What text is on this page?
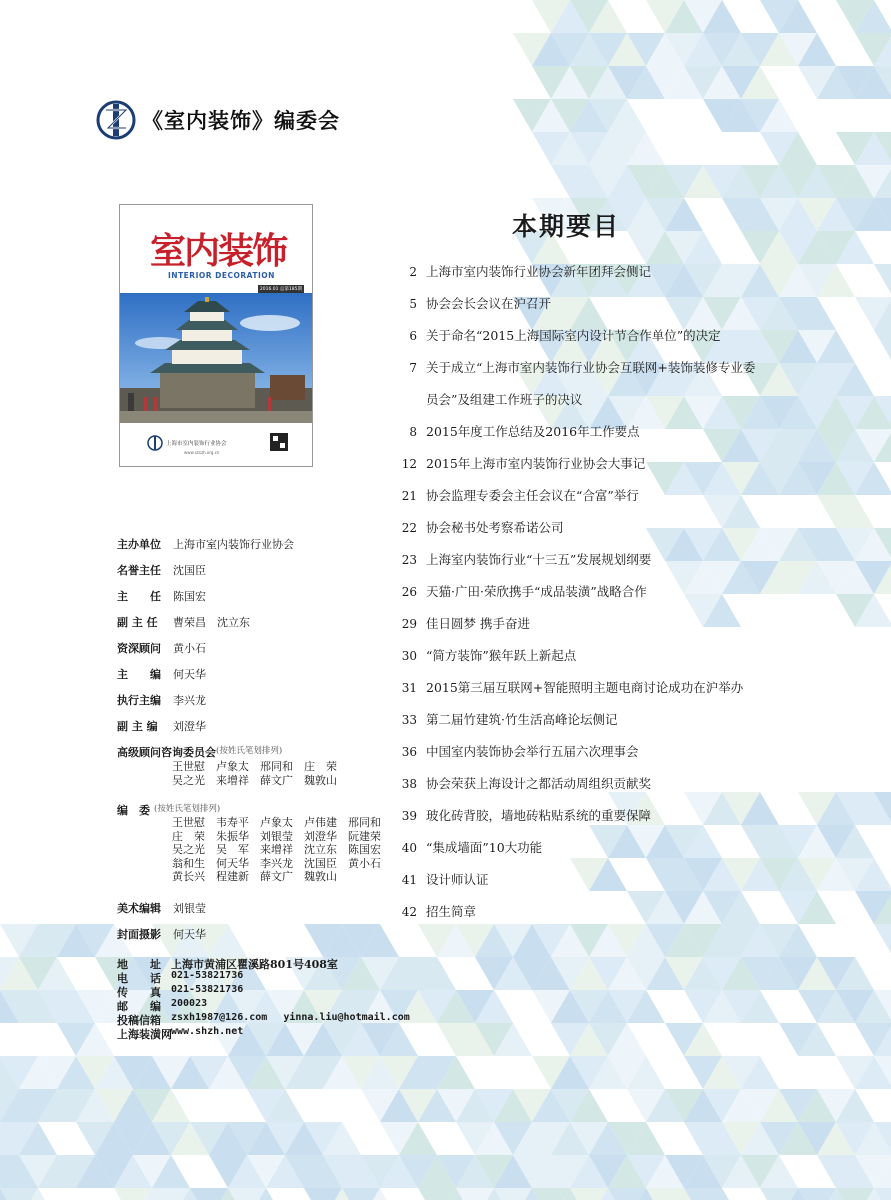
《室内装饰》编委会
室内装饰
INTERIOR DECORATION
2016.01 总第185期
上海市室内装饰行业协会
www.szszh.org.cn
本期要目
2 上海市室内装饰行业协会新年团拜会侧记
5 协会会长会议在沪召开
6 关于命名“2015上海国际室内设计节合作单位”的决定
7 关于成立“上海市室内装饰行业协会互联网+装饰装修专业委
员会”及组建工作班子的决议
8 2015年度工作总结及2016年工作要点
12 2015年上海市室内装饰行业协会大事记
21 协会监理专委会主任会议在“合富”举行
22 协会秘书处考察希诺公司
23 上海室内装饰行业“十三五”发展规划纲要
26 天猫·广田·荣欣携手“成品装潢”战略合作
29 佳日圆梦 携手奋进
30 “简方装饰”猴年跃上新起点
31 2015第三届互联网+智能照明主题电商讨论成功在沪举办
33 第二届竹建筑·竹生活高峰论坛侧记
36 中国室内装饰协会举行五届六次理事会
38 协会荣获上海设计之都活动周组织贡献奖
39 玻化砖背胶，墙地砖粘贴系统的重要保障
40 “集成墙面”10大功能
41 设计师认证
42 招生简章
主办单位	上海市室内装饰行业协会
名誉主任	沈国臣
主　　任	陈国宏
副 主 任	曹荣昌　沈立东
资深顾问	黄小石
主　　编	何天华
执行主编	李兴龙
副 主 编	刘澄华
高级顾问咨询委员会 (按姓氏笔划排列)
王世慰　卢象太　邢同和　庄　荣
吴之光　来增祥　薛文广　魏敦山
编　委 (按姓氏笔划排列)
王世慰　韦寿平　卢象太　卢伟建　邢同和
庄　荣　朱振华　刘银莹　刘澄华　阮建荣
吴之光　吴　军　来增祥　沈立东　陈国宏
翁和生　何天华　李兴龙　沈国臣　黄小石
黄长兴　程建新　薛文广　魏敦山
美术编辑	刘银莹
封面摄影	何天华
地　　址 上海市黄浦区瞿溪路801号408室
电　　话	021-53821736
传　　真	021-53821736
邮　　编	200023
投稿信箱	zsxh1987@126.com yinna.liu@hotmail.com
上海装潢网 www.shzh.net
